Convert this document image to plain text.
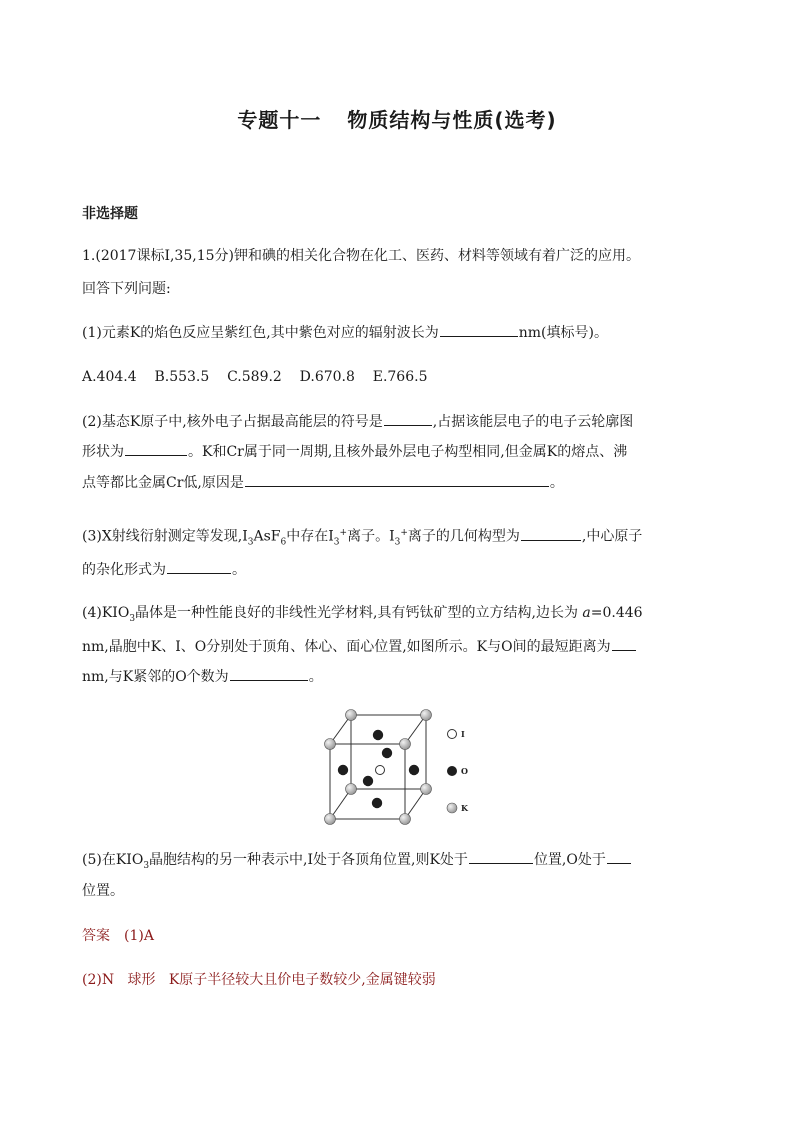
专题十一 物质结构与性质(选考)
非选择题
1.(2017课标Ⅰ,35,15分)钾和碘的相关化合物在化工、医药、材料等领域有着广泛的应用。
回答下列问题:
(1)元素K的焰色反应呈紫红色,其中紫色对应的辐射波长为	nm(填标号)。
A.404.4 B.553.5 C.589.2 D.670.8 E.766.5
(2)基态K原子中,核外电子占据最高能层的符号是	,占据该能层电子的电子云轮廓图
形状为	。K和Cr属于同一周期,且核外最外层电子构型相同,但金属K的熔点、沸
点等都比金属Cr低,原因是	。
(3)X射线衍射测定等发现$,I_3AsF_6$中存在$I_3^+$离子。$I_3^+$离子的几何构型为	,中心原子
的杂化形式为	。
$(4)KIO_3$晶体是一种性能良好的非线性光学材料,具有钙钛矿型的立方结构,边长为 a=0.446
nm,晶胞中K、I、O分别处于顶角、体心、面心位置,如图所示。K与O间的最短距离为
nm,与K紧邻的O个数为	。
I
O
K
(5)在$KIO_3$晶胞结构的另一种表示中,I处于各顶角位置,则K处于	位置,O处于
位置。
答案 (1)A
(2)N 球形 K原子半径较大且价电子数较少,金属键较弱
